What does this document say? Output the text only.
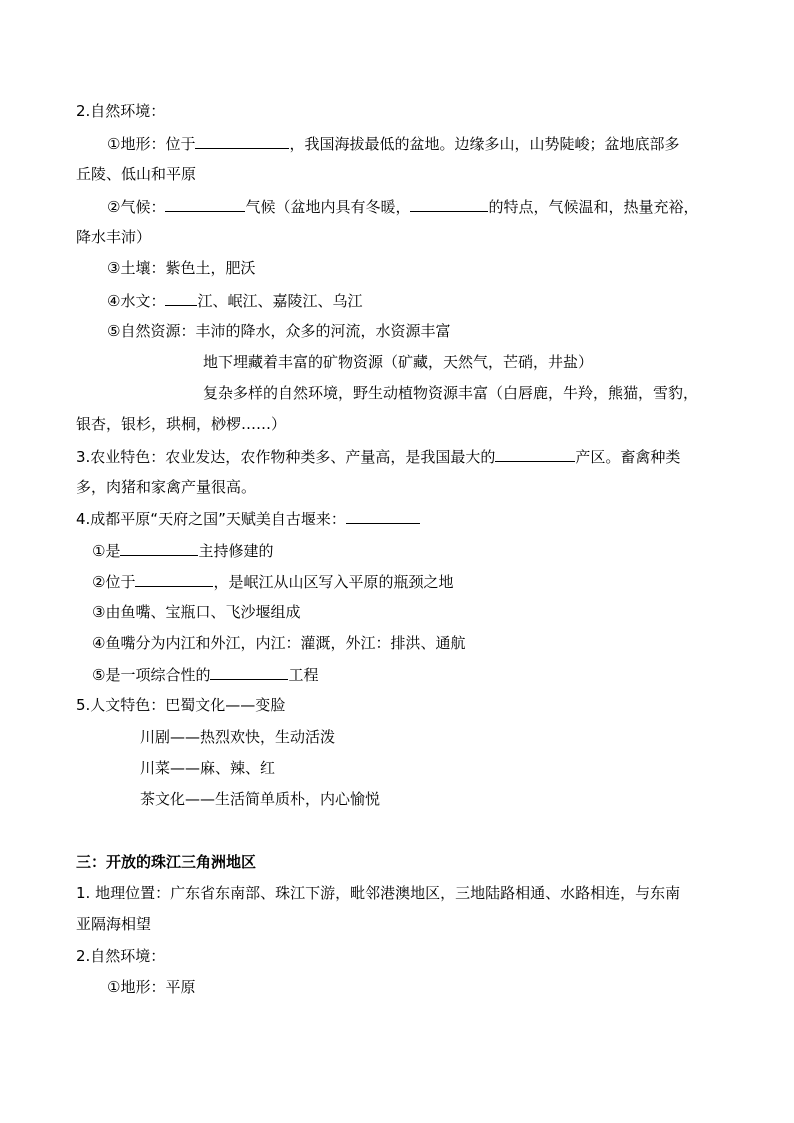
2.自然环境：
①地形：位于	，我国海拔最低的盆地。边缘多山，山势陡峻；盆地底部多
丘陵、低山和平原
②气候：	气候（盆地内具有冬暖，	的特点，气候温和，热量充裕，
降水丰沛）
③土壤：紫色土，肥沃
④水文： 江、岷江、嘉陵江、乌江
⑤自然资源：丰沛的降水，众多的河流，水资源丰富
地下埋藏着丰富的矿物资源（矿藏，天然气，芒硝，井盐）
复杂多样的自然环境，野生动植物资源丰富（白唇鹿，牛羚，熊猫，雪豹，
银杏，银杉，珙桐，桫椤……）
3.农业特色：农业发达，农作物种类多、产量高，是我国最大的	产区。畜禽种类
多，肉猪和家禽产量很高。
4.成都平原“天府之国”天赋美自古堰来：
①是	主持修建的
②位于	，是岷江从山区写入平原的瓶颈之地
③由鱼嘴、宝瓶口、飞沙堰组成
④鱼嘴分为内江和外江，内江：灌溉，外江：排洪、通航
⑤是一项综合性的	工程
5.人文特色：巴蜀文化——变脸
川剧——热烈欢快，生动活泼
川菜——麻、辣、红
茶文化——生活简单质朴，内心愉悦
三：开放的珠江三角洲地区
1. 地理位置：广东省东南部、珠江下游，毗邻港澳地区，三地陆路相通、水路相连，与东南
亚隔海相望
2.自然环境：
①地形：平原
